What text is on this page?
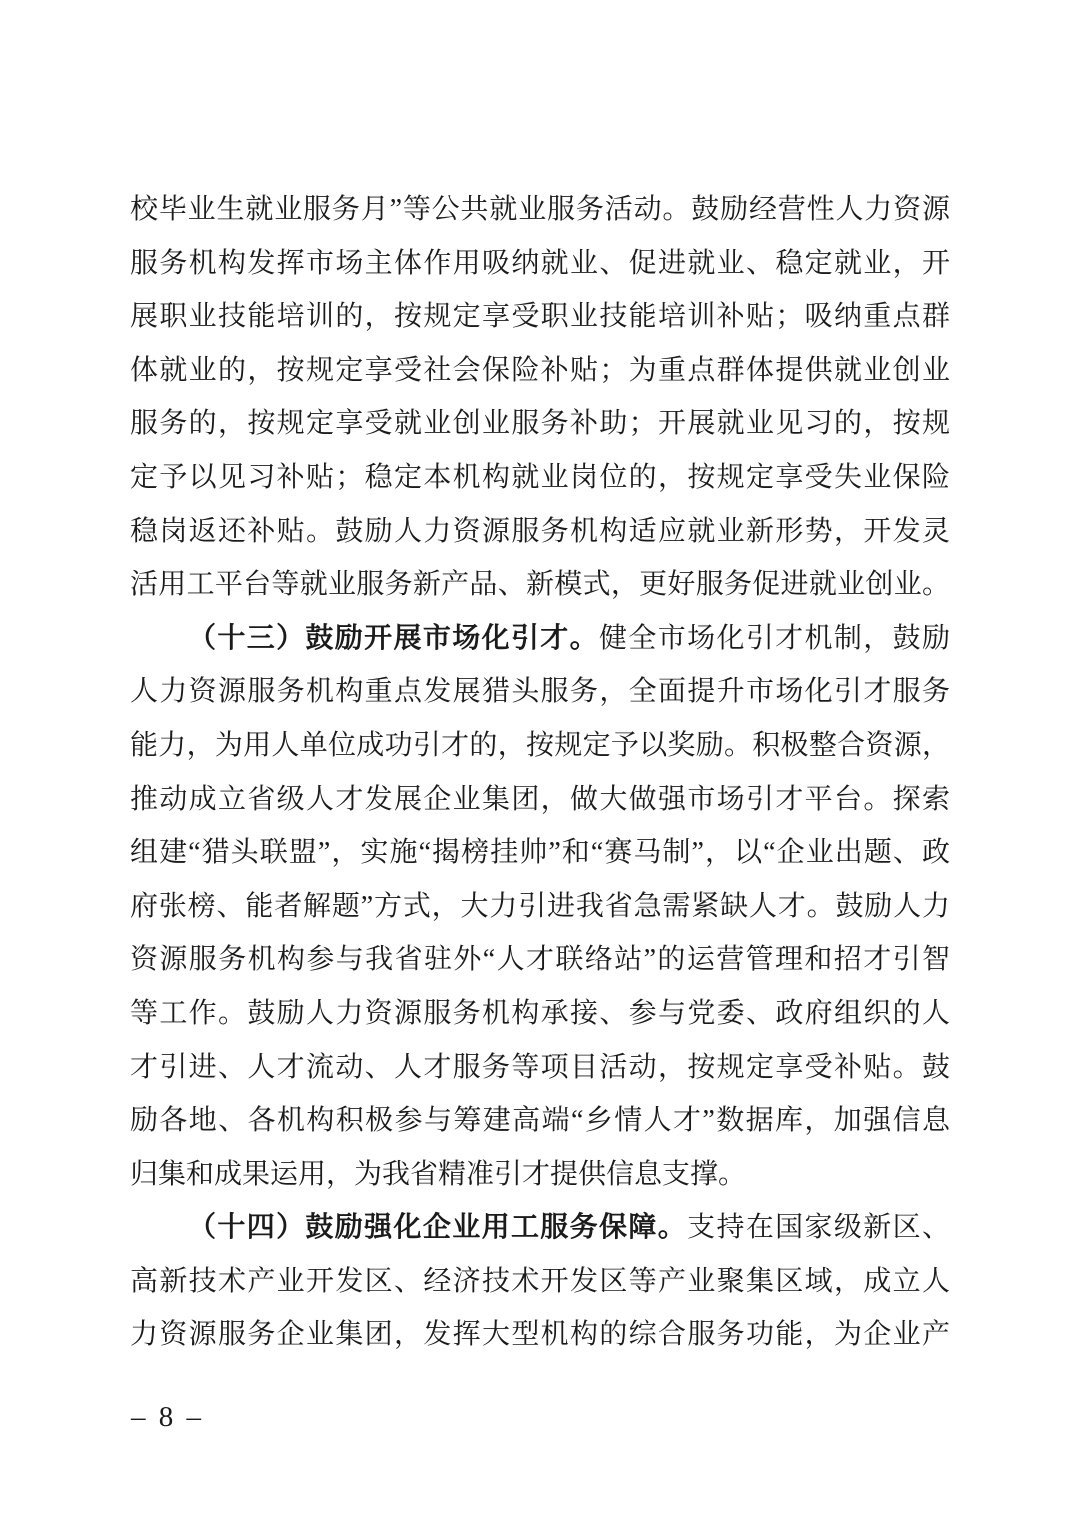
校毕业生就业服务月”等公共就业服务活动。鼓励经营性人力资源
服务机构发挥市场主体作用吸纳就业、促进就业、稳定就业，开
展职业技能培训的，按规定享受职业技能培训补贴；吸纳重点群
体就业的，按规定享受社会保险补贴；为重点群体提供就业创业
服务的，按规定享受就业创业服务补助；开展就业见习的，按规
定予以见习补贴；稳定本机构就业岗位的，按规定享受失业保险
稳岗返还补贴。鼓励人力资源服务机构适应就业新形势，开发灵
活用工平台等就业服务新产品、新模式，更好服务促进就业创业。
（十三）鼓励开展市场化引才。健全市场化引才机制，鼓励
人力资源服务机构重点发展猎头服务，全面提升市场化引才服务
能力，为用人单位成功引才的，按规定予以奖励。积极整合资源，
推动成立省级人才发展企业集团，做大做强市场引才平台。探索
组建“猎头联盟”，实施“揭榜挂帅”和“赛马制”，以“企业出题、政
府张榜、能者解题”方式，大力引进我省急需紧缺人才。鼓励人力
资源服务机构参与我省驻外“人才联络站”的运营管理和招才引智
等工作。鼓励人力资源服务机构承接、参与党委、政府组织的人
才引进、人才流动、人才服务等项目活动，按规定享受补贴。鼓
励各地、各机构积极参与筹建高端“乡情人才”数据库，加强信息
归集和成果运用，为我省精准引才提供信息支撑。
（十四）鼓励强化企业用工服务保障。支持在国家级新区、
高新技术产业开发区、经济技术开发区等产业聚集区域，成立人
力资源服务企业集团，发挥大型机构的综合服务功能，为企业产
– 8 –
